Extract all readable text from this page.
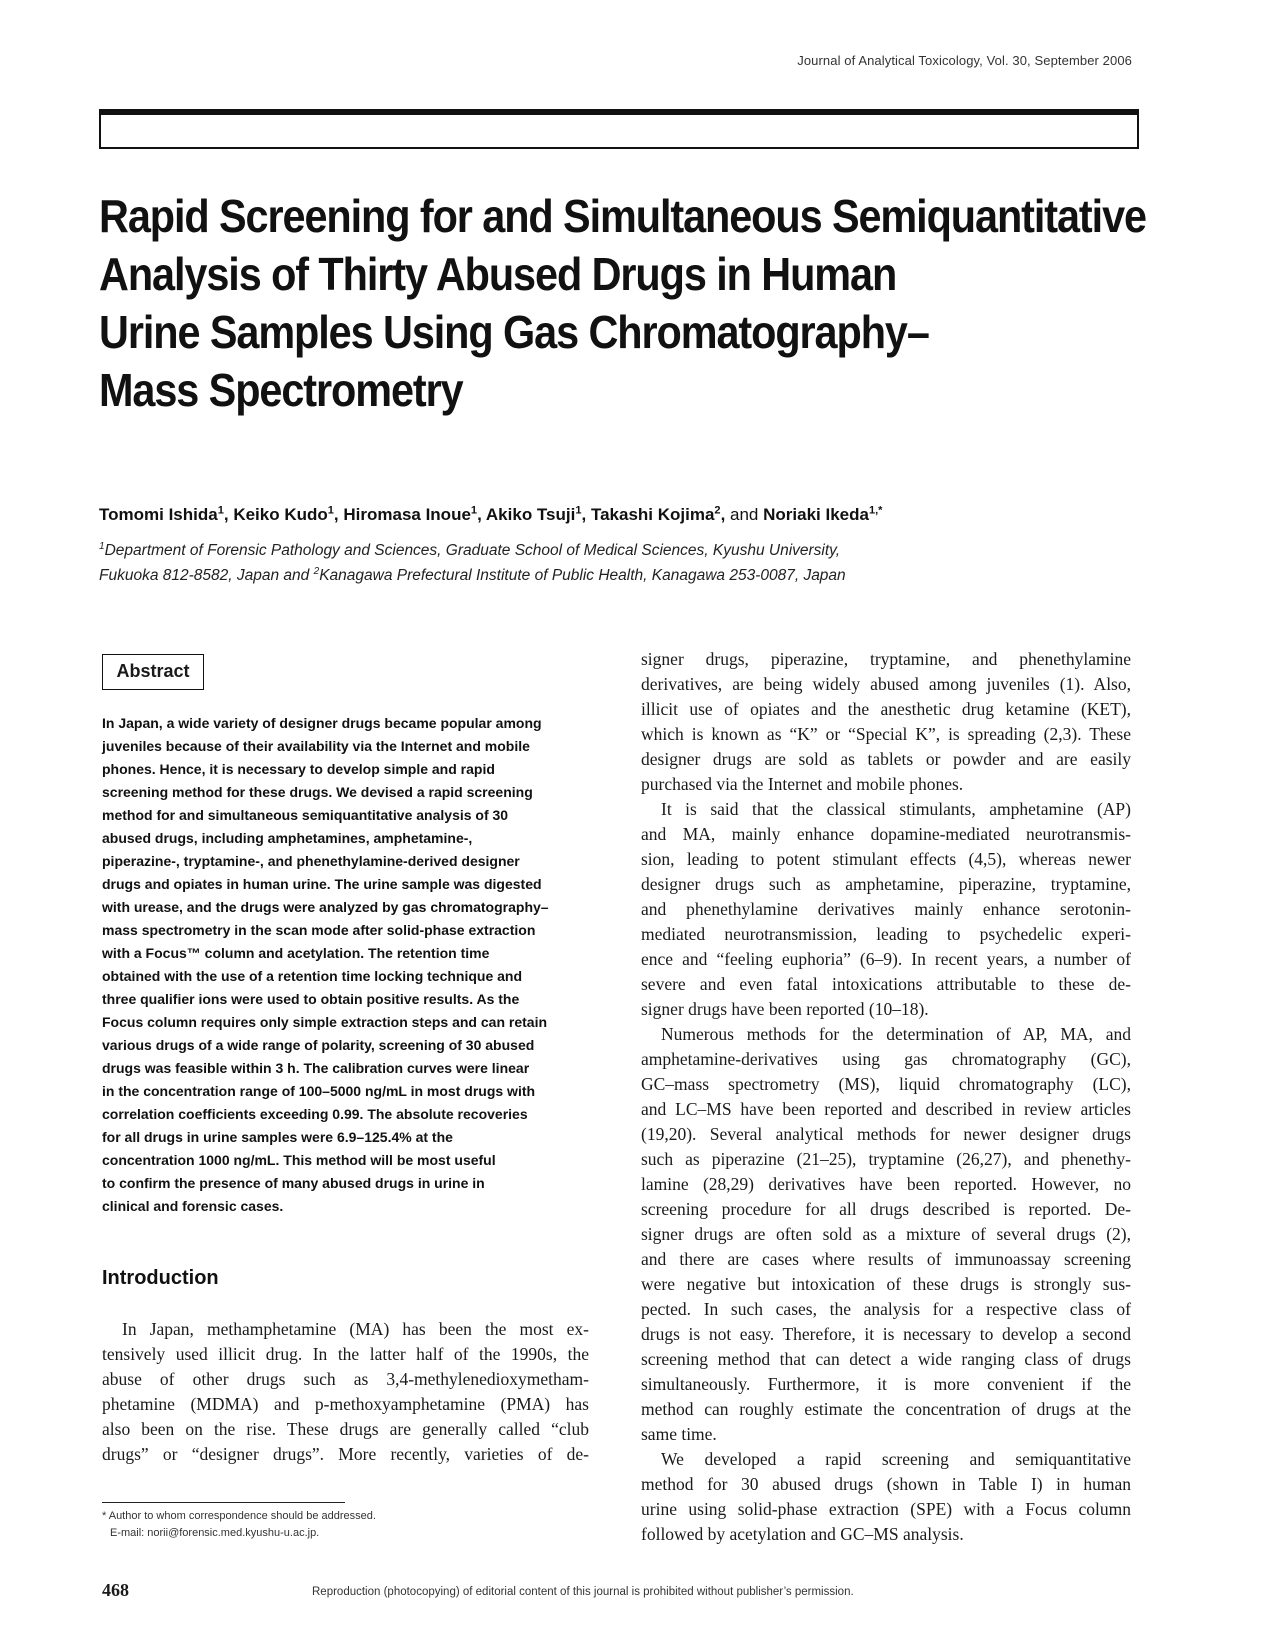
Journal of Analytical Toxicology, Vol. 30, September 2006
Rapid Screening for and Simultaneous Semiquantitative
Analysis of Thirty Abused Drugs in Human
Urine Samples Using Gas Chromatography–
Mass Spectrometry
Tomomi Ishida$^1$, Keiko Kudo$^1$, Hiromasa Inoue$^1$, Akiko Tsuji$^1$, Takashi Kojima$^2$, and Noriaki Ikeda$^{1,*}$
$^1$Department of Forensic Pathology and Sciences, Graduate School of Medical Sciences, Kyushu University,
Fukuoka 812-8582, Japan and $^2$Kanagawa Prefectural Institute of Public Health, Kanagawa 253-0087, Japan
Abstract
In Japan, a wide variety of designer drugs became popular among
juveniles because of their availability via the Internet and mobile
phones. Hence, it is necessary to develop simple and rapid
screening method for these drugs. We devised a rapid screening
method for and simultaneous semiquantitative analysis of 30
abused drugs, including amphetamines, amphetamine-,
piperazine-, tryptamine-, and phenethylamine-derived designer
drugs and opiates in human urine. The urine sample was digested
with urease, and the drugs were analyzed by gas chromatography–
mass spectrometry in the scan mode after solid-phase extraction
with a Focus™ column and acetylation. The retention time
obtained with the use of a retention time locking technique and
three qualifier ions were used to obtain positive results. As the
Focus column requires only simple extraction steps and can retain
various drugs of a wide range of polarity, screening of 30 abused
drugs was feasible within 3 h. The calibration curves were linear
in the concentration range of 100–5000 ng/mL in most drugs with
correlation coefficients exceeding 0.99. The absolute recoveries
for all drugs in urine samples were 6.9–125.4% at the
concentration 1000 ng/mL. This method will be most useful
to confirm the presence of many abused drugs in urine in
clinical and forensic cases.
Introduction
In Japan, methamphetamine (MA) has been the most ex-
tensively used illicit drug. In the latter half of the 1990s, the
abuse of other drugs such as 3,4-methylenedioxymetham-
phetamine (MDMA) and p-methoxyamphetamine (PMA) has
also been on the rise. These drugs are generally called “club
drugs” or “designer drugs”. More recently, varieties of de-
signer drugs, piperazine, tryptamine, and phenethylamine
derivatives, are being widely abused among juveniles (1). Also,
illicit use of opiates and the anesthetic drug ketamine (KET),
which is known as “K” or “Special K”, is spreading (2,3). These
designer drugs are sold as tablets or powder and are easily
purchased via the Internet and mobile phones.
It is said that the classical stimulants, amphetamine (AP)
and MA, mainly enhance dopamine-mediated neurotransmis-
sion, leading to potent stimulant effects (4,5), whereas newer
designer drugs such as amphetamine, piperazine, tryptamine,
and phenethylamine derivatives mainly enhance serotonin-
mediated neurotransmission, leading to psychedelic experi-
ence and “feeling euphoria” (6–9). In recent years, a number of
severe and even fatal intoxications attributable to these de-
signer drugs have been reported (10–18).
Numerous methods for the determination of AP, MA, and
amphetamine-derivatives using gas chromatography (GC),
GC–mass spectrometry (MS), liquid chromatography (LC),
and LC–MS have been reported and described in review articles
(19,20). Several analytical methods for newer designer drugs
such as piperazine (21–25), tryptamine (26,27), and phenethy-
lamine (28,29) derivatives have been reported. However, no
screening procedure for all drugs described is reported. De-
signer drugs are often sold as a mixture of several drugs (2),
and there are cases where results of immunoassay screening
were negative but intoxication of these drugs is strongly sus-
pected. In such cases, the analysis for a respective class of
drugs is not easy. Therefore, it is necessary to develop a second
screening method that can detect a wide ranging class of drugs
simultaneously. Furthermore, it is more convenient if the
method can roughly estimate the concentration of drugs at the
same time.
We developed a rapid screening and semiquantitative
method for 30 abused drugs (shown in Table I) in human
urine using solid-phase extraction (SPE) with a Focus column
followed by acetylation and GC–MS analysis.
* Author to whom correspondence should be addressed.
E-mail: norii@forensic.med.kyushu-u.ac.jp.
468	Reproduction (photocopying) of editorial content of this journal is prohibited without publisher’s permission.
